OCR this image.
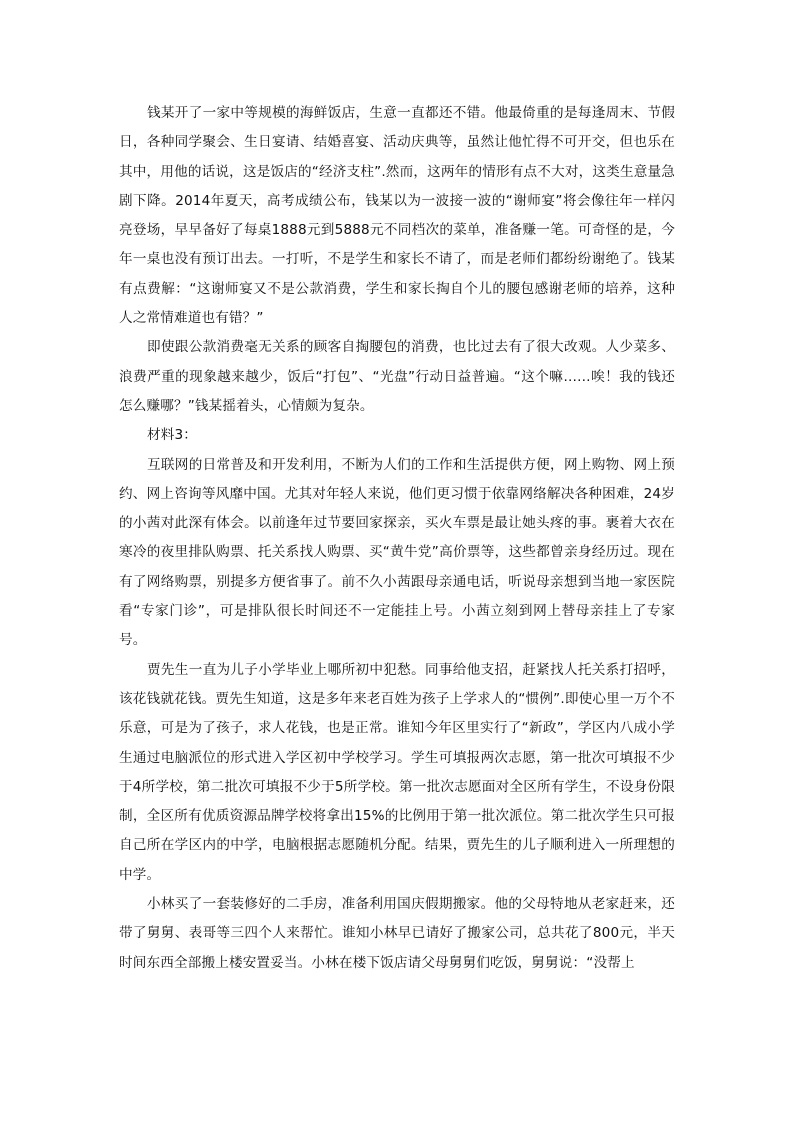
钱某开了一家中等规模的海鲜饭店，生意一直都还不错。他最倚重的是每逢周末、节假日，各种同学聚会、生日宴请、结婚喜宴、活动庆典等，虽然让他忙得不可开交，但也乐在其中，用他的话说，这是饭店的“经济支柱”.然而，这两年的情形有点不大对，这类生意量急剧下降。2014年夏天，高考成绩公布，钱某以为一波接一波的“谢师宴”将会像往年一样闪亮登场，早早备好了每桌1888元到5888元不同档次的菜单，准备赚一笔。可奇怪的是，今年一桌也没有预订出去。一打听，不是学生和家长不请了，而是老师们都纷纷谢绝了。钱某有点费解：“这谢师宴又不是公款消费，学生和家长掏自个儿的腰包感谢老师的培养，这种人之常情难道也有错？”

即使跟公款消费毫无关系的顾客自掏腰包的消费，也比过去有了很大改观。人少菜多、浪费严重的现象越来越少，饭后“打包”、“光盘”行动日益普遍。“这个嘛……唉！我的钱还怎么赚哪？”钱某摇着头，心情颇为复杂。

材料3：

互联网的日常普及和开发利用，不断为人们的工作和生活提供方便，网上购物、网上预约、网上咨询等风靡中国。尤其对年轻人来说，他们更习惯于依靠网络解决各种困难，24岁的小茜对此深有体会。以前逢年过节要回家探亲，买火车票是最让她头疼的事。裹着大衣在寒冷的夜里排队购票、托关系找人购票、买“黄牛党”高价票等，这些都曾亲身经历过。现在有了网络购票，别提多方便省事了。前不久小茜跟母亲通电话，听说母亲想到当地一家医院看“专家门诊”，可是排队很长时间还不一定能挂上号。小茜立刻到网上替母亲挂上了专家号。

贾先生一直为儿子小学毕业上哪所初中犯愁。同事给他支招，赶紧找人托关系打招呼，该花钱就花钱。贾先生知道，这是多年来老百姓为孩子上学求人的“惯例”.即使心里一万个不乐意，可是为了孩子，求人花钱，也是正常。谁知今年区里实行了“新政”，学区内八成小学生通过电脑派位的形式进入学区初中学校学习。学生可填报两次志愿，第一批次可填报不少于4所学校，第二批次可填报不少于5所学校。第一批次志愿面对全区所有学生，不设身份限制，全区所有优质资源品牌学校将拿出15%的比例用于第一批次派位。第二批次学生只可报自己所在学区内的中学，电脑根据志愿随机分配。结果，贾先生的儿子顺利进入一所理想的中学。

小林买了一套装修好的二手房，准备利用国庆假期搬家。他的父母特地从老家赶来，还带了舅舅、表哥等三四个人来帮忙。谁知小林早已请好了搬家公司，总共花了800元，半天时间东西全部搬上楼安置妥当。小林在楼下饭店请父母舅舅们吃饭，舅舅说：“没帮上
